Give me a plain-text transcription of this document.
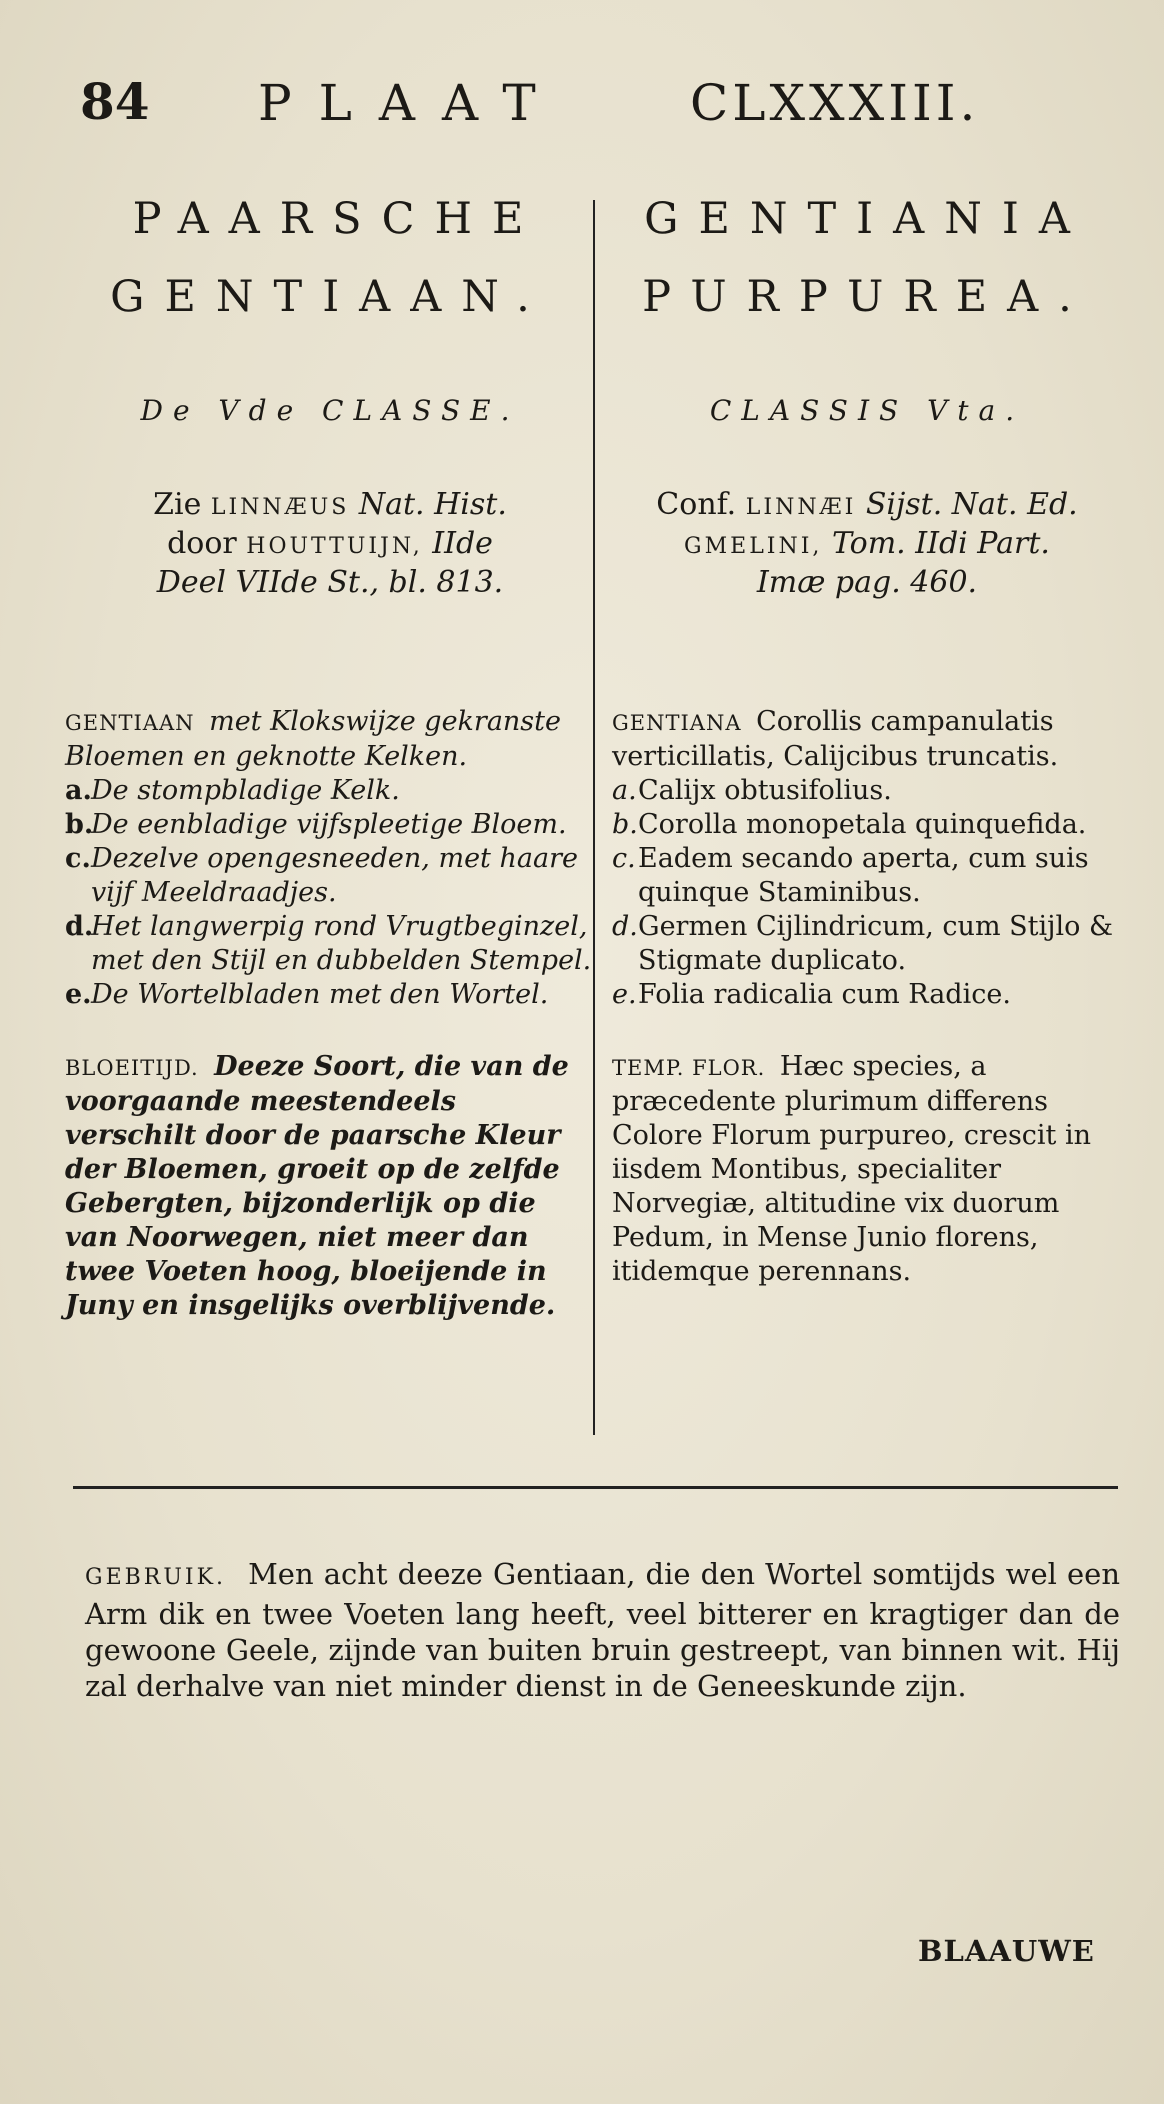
84 PLAAT	CLXXXIII.

PAARSCHE

GENTIAAN.

De Vde CLASSE.
Zie LINNÆUS Nat. Hist.
door HOUTTUIJN, IIde
Deel VIIde St., bl. 813.
GENTIAAN met Klokswijze gekranste Bloemen en geknotte Kelken.
a. De stompbladige Kelk.
b.
De eenbladige vijfspleetige Bloem.
c. Dezelve opengesneeden, met haare vijf Meeldraadjes.
d.
Het langwerpig rond Vrugtbeginzel, met den Stijl en dubbelden Stempel.
e. De Wortelbladen met den Wortel.
BLOEITIJD. Deeze Soort, die van de voorgaande meestendeels verschilt door de paarsche Kleur der Bloemen, groeit op de zelfde Gebergten, bijzonderlijk op die van Noorwegen, niet meer dan twee Voeten hoog, bloeijende in Juny en insgelijks overblijvende.

GENTIANIA

PURPUREA.

CLASSIS Vta.
Conf. LINNÆI Sijst. Nat. Ed.
GMELINI, Tom. IIdi Part.
Imæ pag. 460.
GENTIANA Corollis campanulatis verticillatis, Calijcibus truncatis.
a. Calijx obtusifolius.
b. Corolla monopetala quinquefida.
c. Eadem secando aperta, cum suis quinque Staminibus.
d. Germen Cijlindricum, cum Stijlo & Stigmate duplicato.
e. Folia radicalia cum Radice.
TEMP. FLOR. Hæc species, a præcedente plurimum differens Colore Florum purpureo, crescit in iisdem Montibus, specialiter Norvegiæ, altitudine vix duorum Pedum, in Mense Junio florens, itidemque perennans.
GEBRUIK. Men acht deeze Gentiaan, die den Wortel somtijds wel een Arm dik en twee Voeten lang heeft, veel bitterer en kragtiger dan de gewoone Geele, zijnde van buiten bruin gestreept, van binnen wit. Hij zal derhalve van niet minder dienst in de Geneeskunde zijn.
BLAAUWE
